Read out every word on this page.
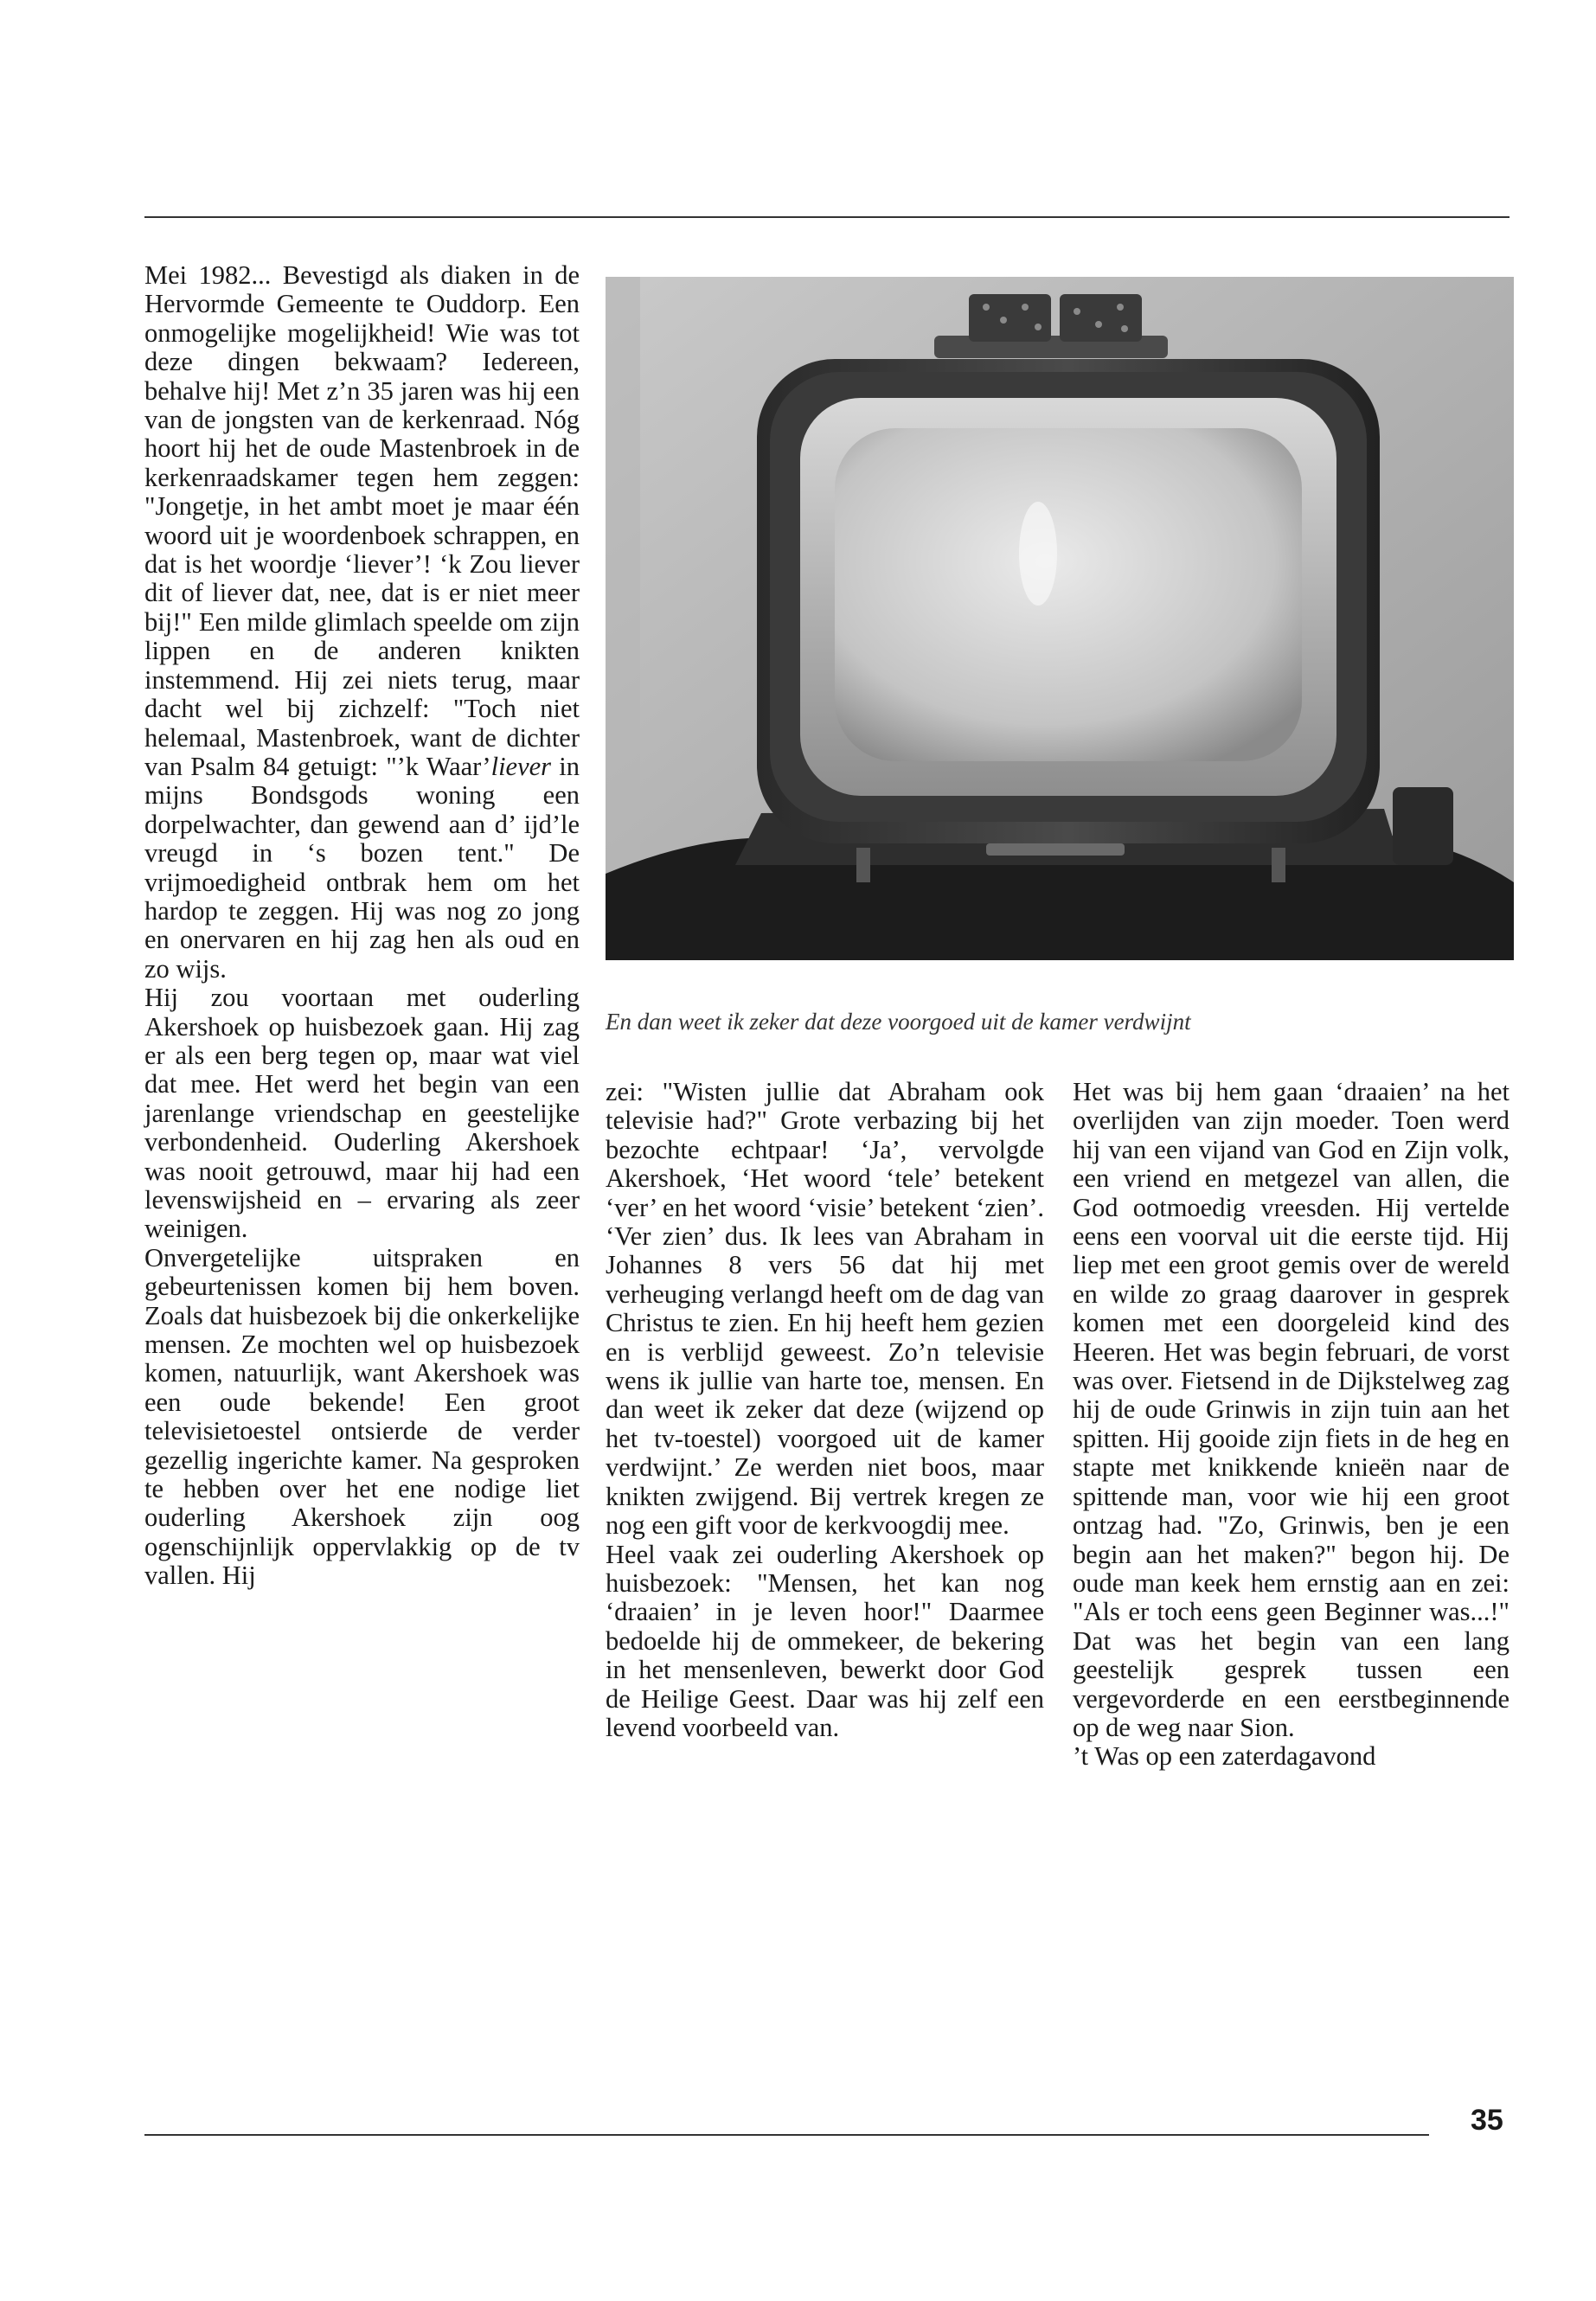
Mei 1982... Bevestigd als diaken in de Hervormde Gemeente te Ouddorp. Een onmogelijke mogelijkheid! Wie was tot deze dingen bekwaam? Iedereen, behalve hij! Met z’n 35 jaren was hij een van de jongsten van de kerkenraad. Nóg hoort hij het de oude Mastenbroek in de kerkenraadskamer tegen hem zeggen: "Jongetje, in het ambt moet je maar één woord uit je woordenboek schrappen, en dat is het woordje ‘liever’! ‘k Zou liever dit of liever dat, nee, dat is er niet meer bij!" Een milde glimlach speelde om zijn lippen en de anderen knikten instemmend. Hij zei niets terug, maar dacht wel bij zichzelf: "Toch niet helemaal, Mastenbroek, want de dichter van Psalm 84 getuigt: "’k Waar’liever in mijns Bondsgods woning een dorpelwachter, dan gewend aan d’ ijd’le vreugd in ‘s bozen tent." De vrijmoedigheid ontbrak hem om het hardop te zeggen. Hij was nog zo jong en onervaren en hij zag hen als oud en zo wijs.

Hij zou voortaan met ouderling Akershoek op huisbezoek gaan. Hij zag er als een berg tegen op, maar wat viel dat mee. Het werd het begin van een jarenlange vriendschap en geestelijke verbondenheid. Ouderling Akershoek was nooit getrouwd, maar hij had een levenswijsheid en – ervaring als zeer weinigen.

Onvergetelijke uitspraken en gebeurtenissen komen bij hem boven. Zoals dat huisbezoek bij die onkerkelijke mensen. Ze mochten wel op huisbezoek komen, natuurlijk, want Akershoek was een oude bekende! Een groot televisietoestel ontsierde de verder gezellig ingerichte kamer. Na gesproken te hebben over het ene nodige liet ouderling Akershoek zijn oog ogenschijnlijk oppervlakkig op de tv vallen. Hij

En dan weet ik zeker dat deze voorgoed uit de kamer verdwijnt

zei: "Wisten jullie dat Abraham ook televisie had?" Grote verbazing bij het bezochte echtpaar! ‘Ja’, vervolgde Akershoek, ‘Het woord ‘tele’ betekent ‘ver’ en het woord ‘visie’ betekent ‘zien’. ‘Ver zien’ dus. Ik lees van Abraham in Johannes 8 vers 56 dat hij met verheuging verlangd heeft om de dag van Christus te zien. En hij heeft hem gezien en is verblijd geweest. Zo’n televisie wens ik jullie van harte toe, mensen. En dan weet ik zeker dat deze (wijzend op het tv-toestel) voorgoed uit de kamer verdwijnt.’ Ze werden niet boos, maar knikten zwijgend. Bij vertrek kregen ze nog een gift voor de kerkvoogdij mee.

Heel vaak zei ouderling Akershoek op huisbezoek: "Mensen, het kan nog ‘draaien’ in je leven hoor!" Daarmee bedoelde hij de ommekeer, de bekering in het mensenleven, bewerkt door God de Heilige Geest. Daar was hij zelf een levend voorbeeld van.

Het was bij hem gaan ‘draaien’ na het overlijden van zijn moeder. Toen werd hij van een vijand van God en Zijn volk, een vriend en metgezel van allen, die God ootmoedig vreesden. Hij vertelde eens een voorval uit die eerste tijd. Hij liep met een groot gemis over de wereld en wilde zo graag daarover in gesprek komen met een doorgeleid kind des Heeren. Het was begin februari, de vorst was over. Fietsend in de Dijkstelweg zag hij de oude Grinwis in zijn tuin aan het spitten. Hij gooide zijn fiets in de heg en stapte met knikkende knieën naar de spittende man, voor wie hij een groot ontzag had. "Zo, Grinwis, ben je een begin aan het maken?" begon hij. De oude man keek hem ernstig aan en zei: "Als er toch eens geen Beginner was...!" Dat was het begin van een lang geestelijk gesprek tussen een vergevorderde en een eerstbeginnende op de weg naar Sion.

’t Was op een zaterdagavond

35
